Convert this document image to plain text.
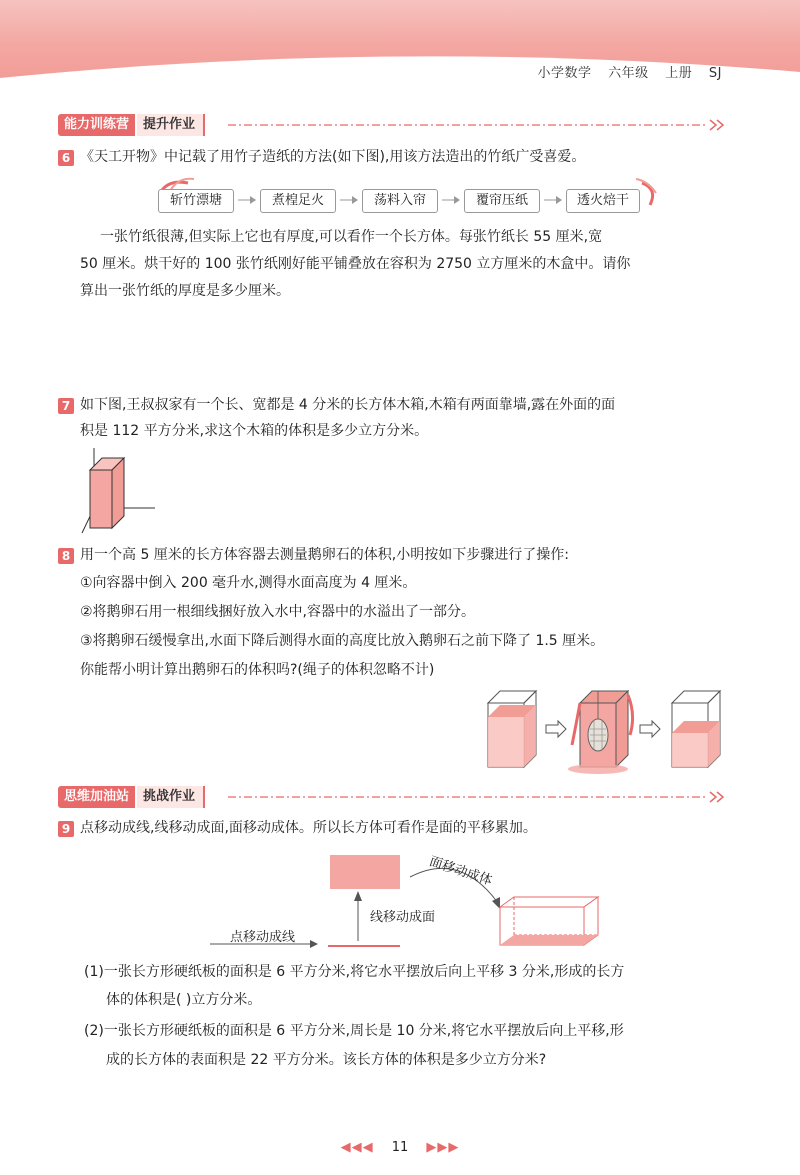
小学数学 六年级 上册 SJ
能力训练营	提升作业
6 《天工开物》中记载了用竹子造纸的方法(如下图),用该方法造出的竹纸广受喜爱。
斩竹漂塘	煮楻足火	荡料入帘	覆帘压纸	透火焙干
一张竹纸很薄,但实际上它也有厚度,可以看作一个长方体。每张竹纸长 55 厘米,宽
50 厘米。烘干好的 100 张竹纸刚好能平铺叠放在容积为 2750 立方厘米的木盒中。请你
算出一张竹纸的厚度是多少厘米。
7 如下图,王叔叔家有一个长、宽都是 4 分米的长方体木箱,木箱有两面靠墙,露在外面的面
积是 112 平方分米,求这个木箱的体积是多少立方分米。
8 用一个高 5 厘米的长方体容器去测量鹅卵石的体积,小明按如下步骤进行了操作:
①向容器中倒入 200 毫升水,测得水面高度为 4 厘米。
②将鹅卵石用一根细线捆好放入水中,容器中的水溢出了一部分。
③将鹅卵石缓慢拿出,水面下降后测得水面的高度比放入鹅卵石之前下降了 1.5 厘米。
你能帮小明计算出鹅卵石的体积吗?(绳子的体积忽略不计)
思维加油站	挑战作业
9 点移动成线,线移动成面,面移动成体。所以长方体可看作是面的平移累加。
点移动成线
线移动成面
面移动成体
(1)一张长方形硬纸板的面积是 6 平方分米,将它水平摆放后向上平移 3 分米,形成的长方
体的体积是( )立方分米。
(2)一张长方形硬纸板的面积是 6 平方分米,周长是 10 分米,将它水平摆放后向上平移,形
成的长方体的表面积是 22 平方分米。该长方体的体积是多少立方分米?
◀◀◀ 11 ▶▶▶
